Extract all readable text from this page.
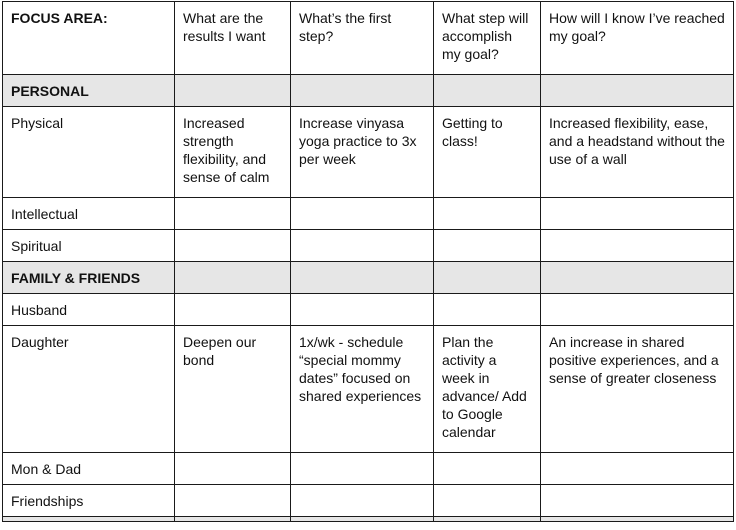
FOCUS AREA:	What are the results I want	What’s the first step?	What step will accomplish my goal?	How will I know I’ve reached my goal?
PERSONAL				
Physical	Increased strength flexibility, and sense of calm	Increase vinyasa yoga practice to 3x per week	Getting to class!	Increased flexibility, ease, and a headstand without the use of a wall
Intellectual				
Spiritual				
FAMILY & FRIENDS				
Husband				
Daughter	Deepen our bond	1x/wk - schedule “special mommy dates” focused on shared experiences	Plan the activity a week in advance/ Add to Google calendar	An increase in shared positive experiences, and a sense of greater closeness
Mon & Dad				
Friendships				
